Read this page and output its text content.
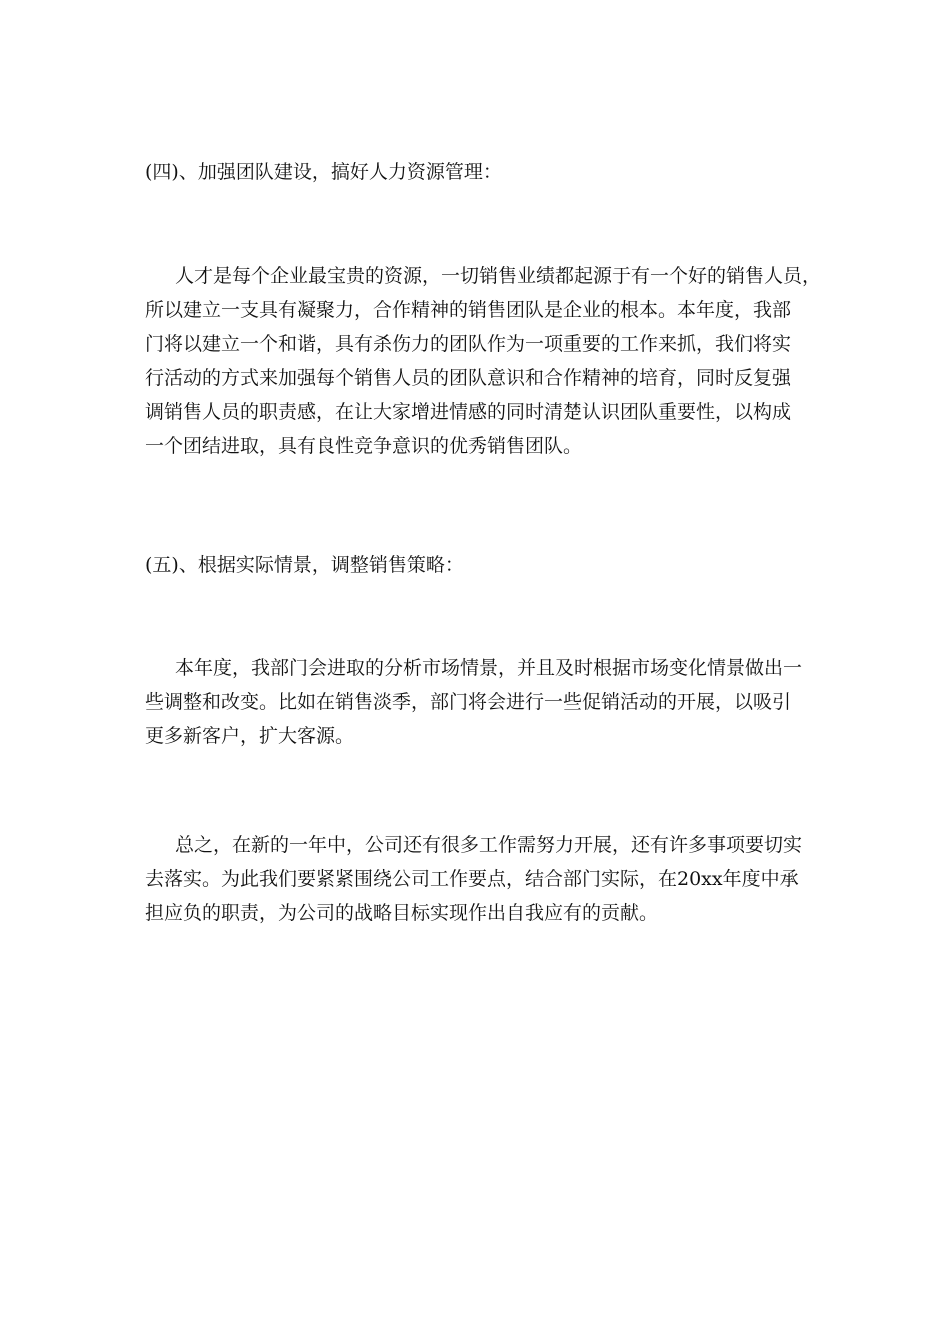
(四)、加强团队建设，搞好人力资源管理：

人才是每个企业最宝贵的资源，一切销售业绩都起源于有一个好的销售人员，
所以建立一支具有凝聚力，合作精神的销售团队是企业的根本。本年度，我部
门将以建立一个和谐，具有杀伤力的团队作为一项重要的工作来抓，我们将实
行活动的方式来加强每个销售人员的团队意识和合作精神的培育，同时反复强
调销售人员的职责感，在让大家增进情感的同时清楚认识团队重要性，以构成
一个团结进取，具有良性竞争意识的优秀销售团队。

(五)、根据实际情景，调整销售策略：

本年度，我部门会进取的分析市场情景，并且及时根据市场变化情景做出一
些调整和改变。比如在销售淡季，部门将会进行一些促销活动的开展，以吸引
更多新客户，扩大客源。
总之，在新的一年中，公司还有很多工作需努力开展，还有许多事项要切实
去落实。为此我们要紧紧围绕公司工作要点，结合部门实际，在20xx年度中承
担应负的职责，为公司的战略目标实现作出自我应有的贡献。
